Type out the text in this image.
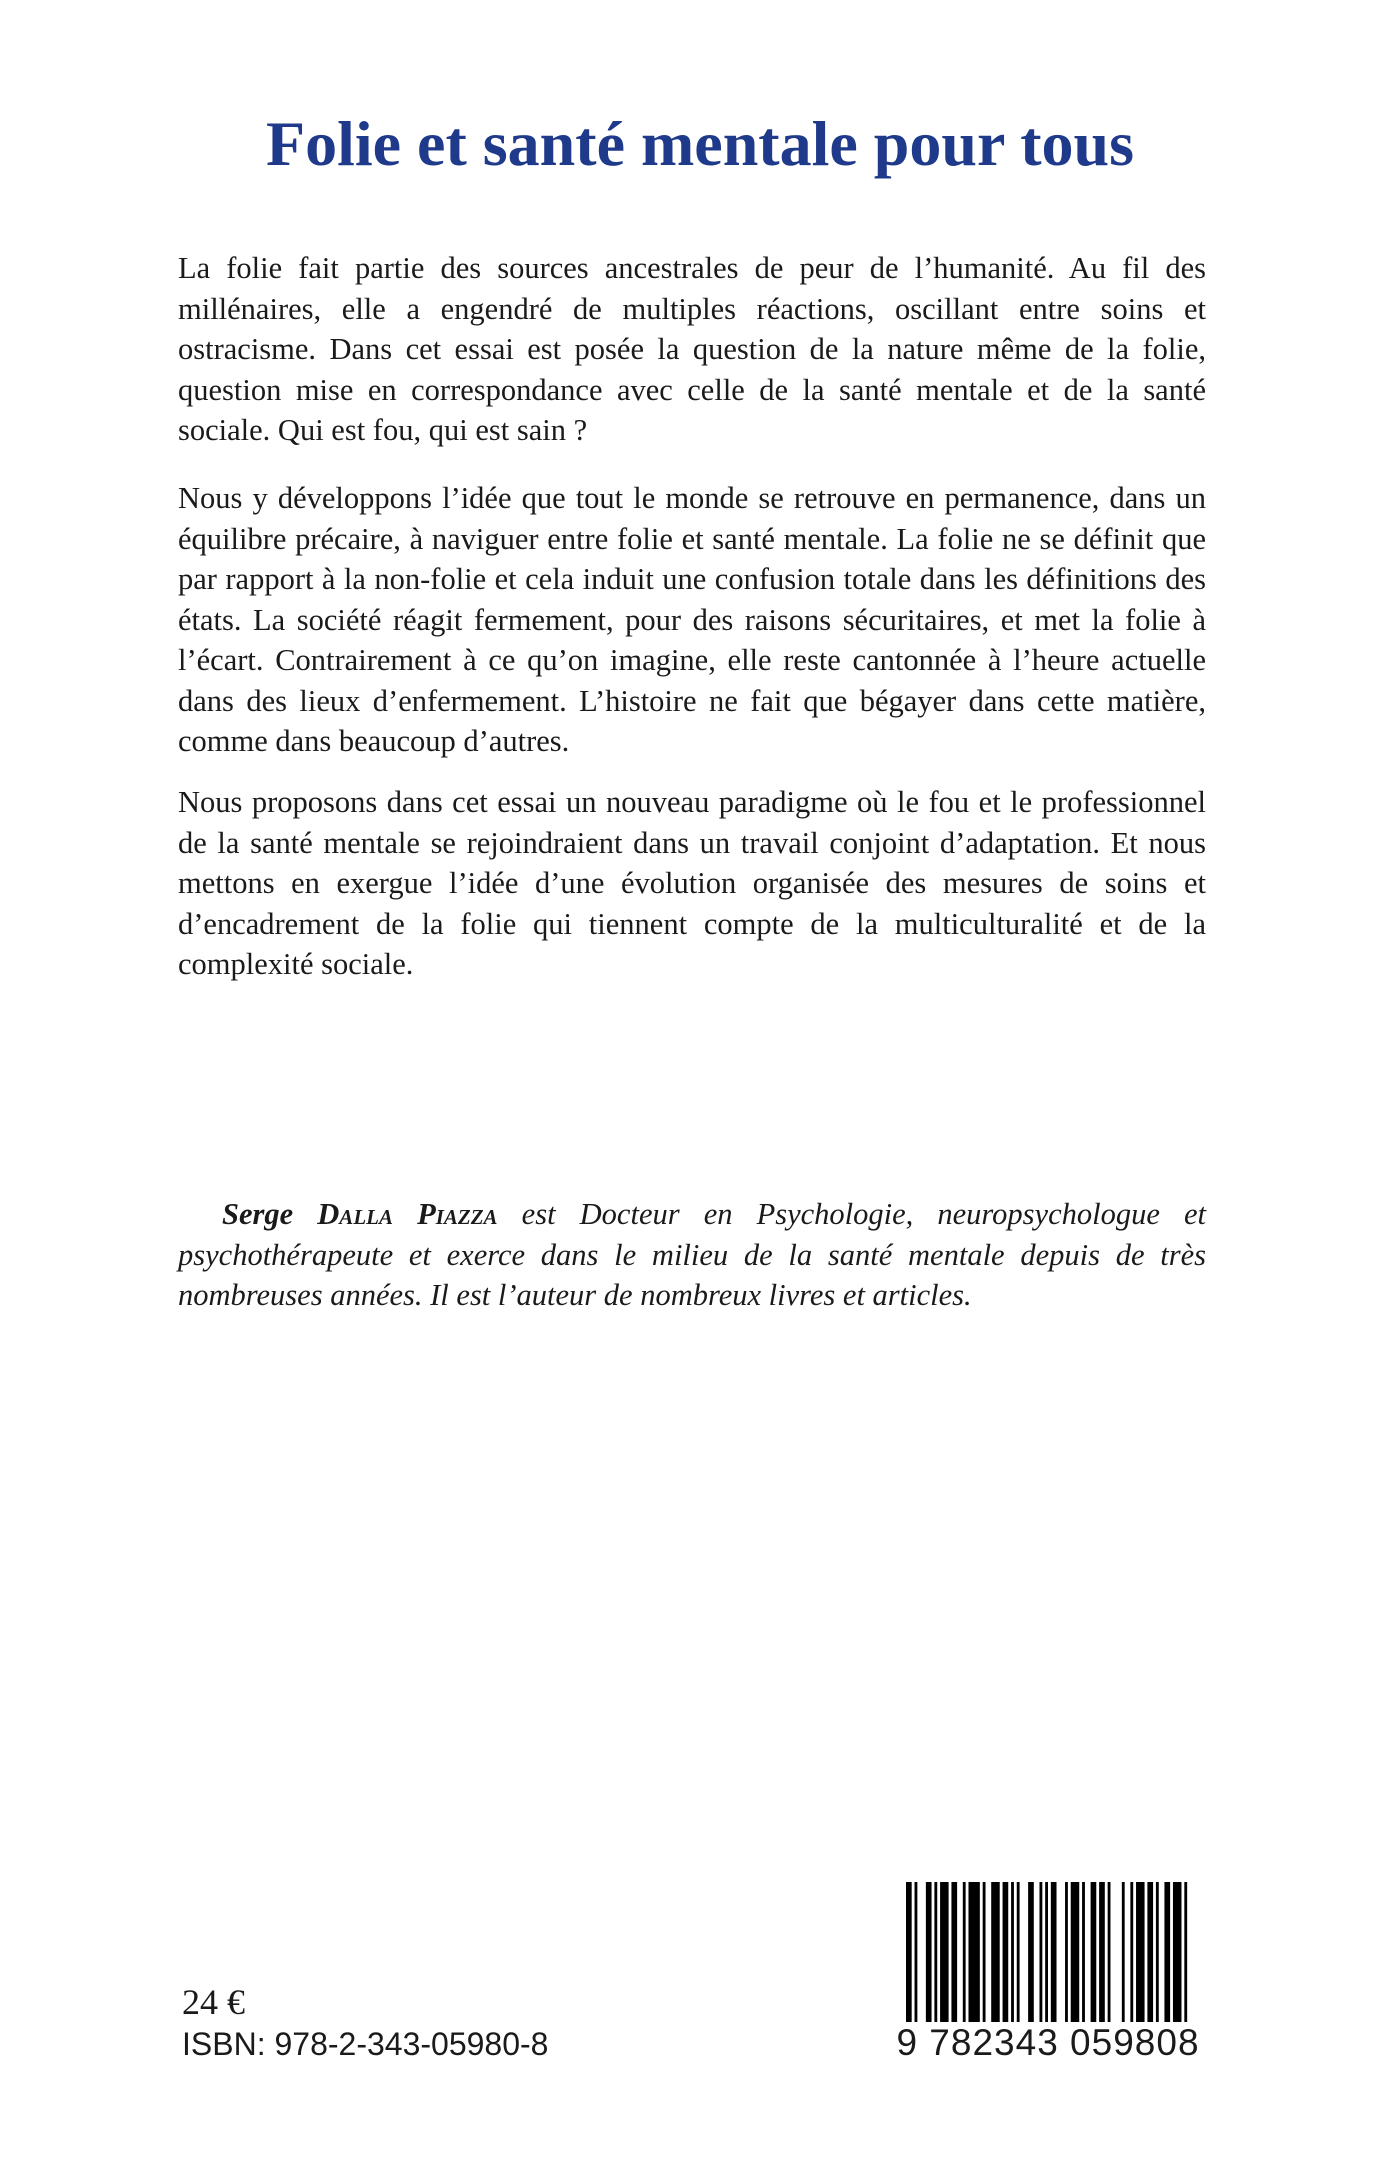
Folie et santé mentale pour tous

La folie fait partie des sources ancestrales de peur de l’humanité. Au fil des millénaires, elle a engendré de multiples réactions, oscillant entre soins et ostracisme. Dans cet essai est posée la question de la nature même de la folie, question mise en correspondance avec celle de la santé mentale et de la santé sociale. Qui est fou, qui est sain ?

Nous y développons l’idée que tout le monde se retrouve en permanence, dans un équilibre précaire, à naviguer entre folie et santé mentale. La folie ne se définit que par rapport à la non-folie et cela induit une confusion totale dans les définitions des états. La société réagit fermement, pour des raisons sécuritaires, et met la folie à l’écart. Contrairement à ce qu’on imagine, elle reste cantonnée à l’heure actuelle dans des lieux d’enfermement. L’histoire ne fait que bégayer dans cette matière, comme dans beaucoup d’autres.

Nous proposons dans cet essai un nouveau paradigme où le fou et le professionnel de la santé mentale se rejoindraient dans un travail conjoint d’adaptation. Et nous mettons en exergue l’idée d’une évolution organisée des mesures de soins et d’encadrement de la folie qui tiennent compte de la multiculturalité et de la complexité sociale.

Serge Dalla Piazza est Docteur en Psychologie, neuropsychologue et psychothérapeute et exerce dans le milieu de la santé mentale depuis de très nombreuses années. Il est l’auteur de nombreux livres et articles.

24 €

ISBN: 978-2-343-05980-8	9 782343 059808
